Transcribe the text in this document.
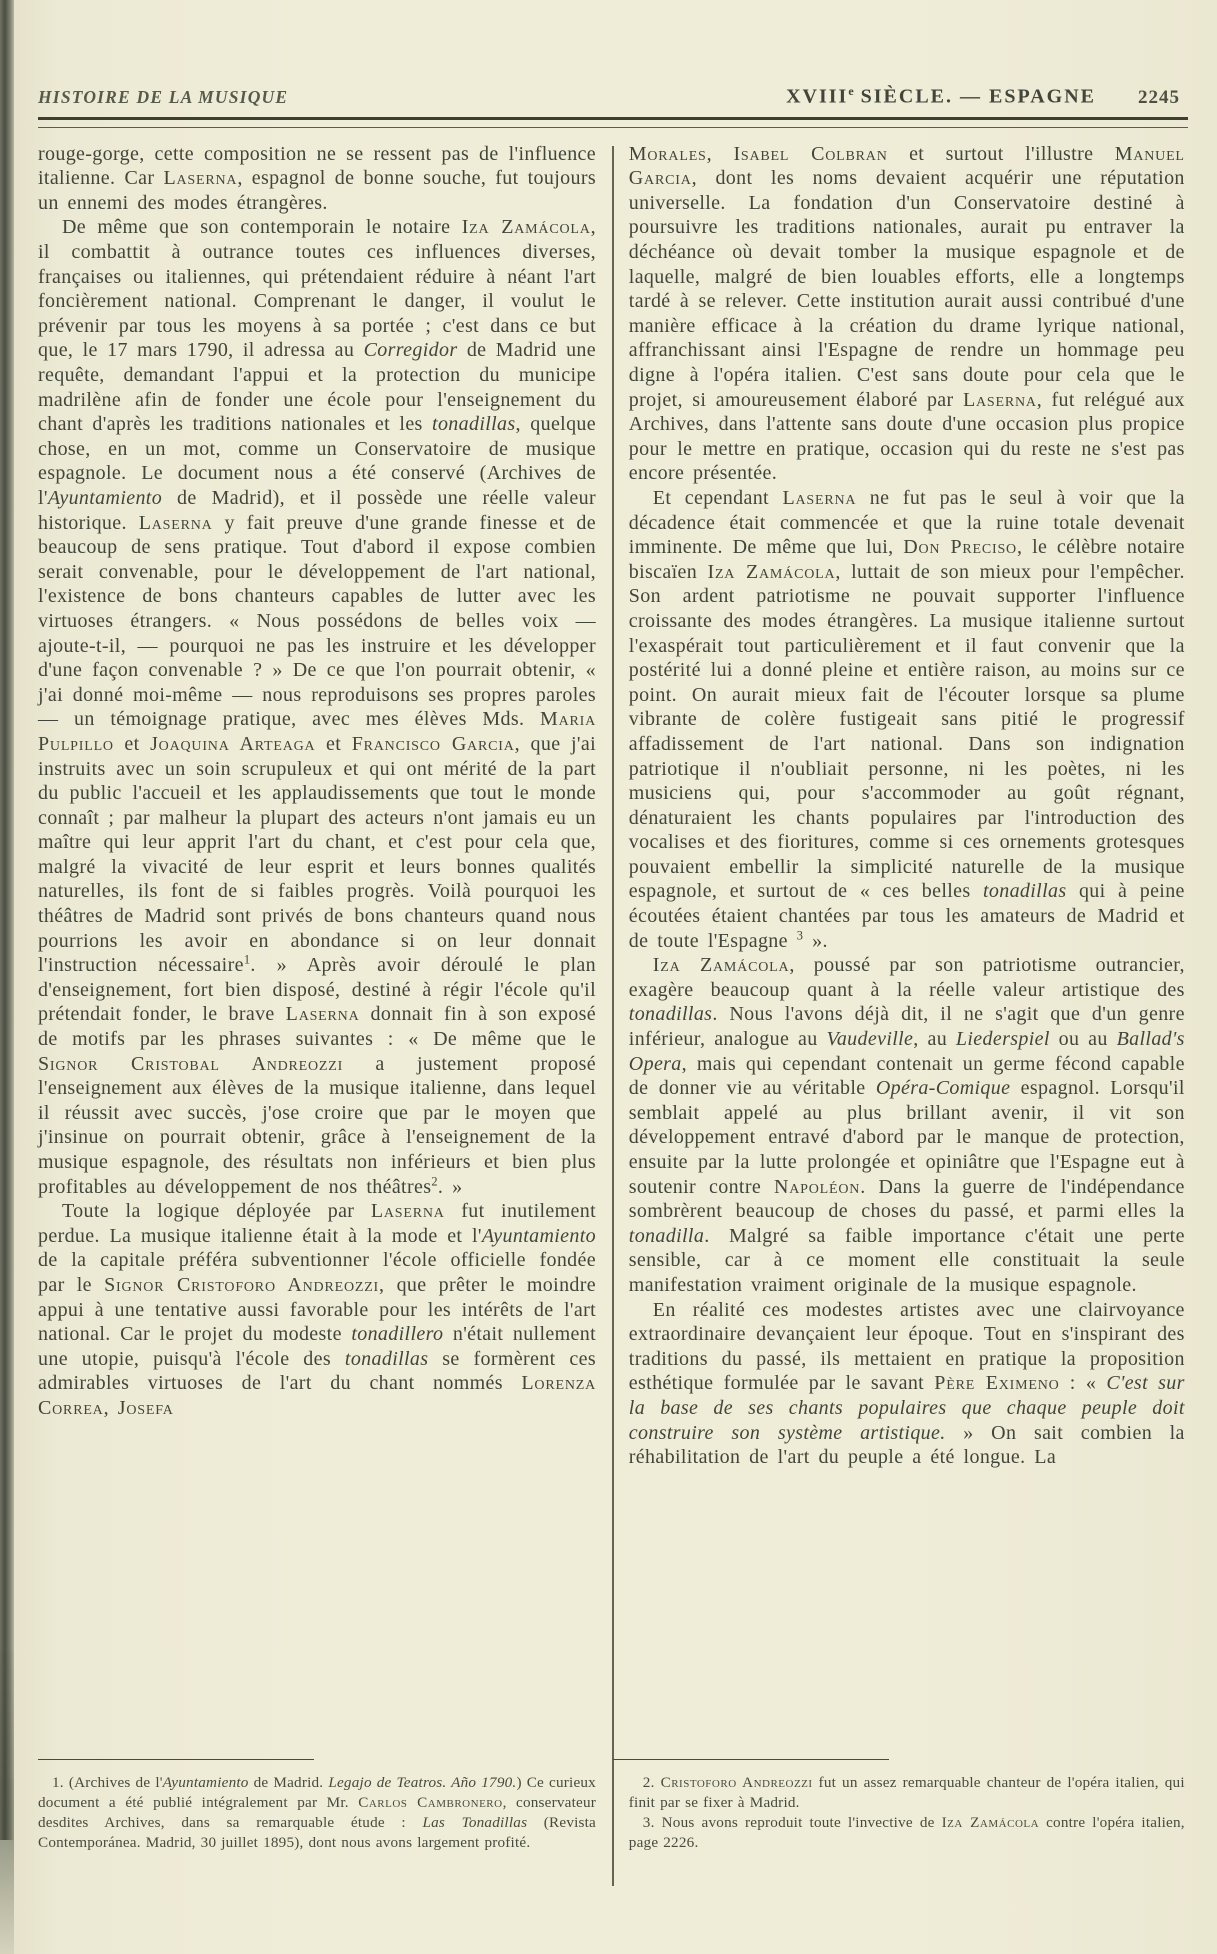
HISTOIRE DE LA MUSIQUE	XVIIIe SIÈCLE. — ESPAGNE 2245

rouge-gorge, cette composition ne se ressent pas de l'influence italienne. Car Laserna, espagnol de bonne souche, fut toujours un ennemi des modes étrangères.

De même que son contemporain le notaire Iza Zamácola, il combattit à outrance toutes ces influences diverses, françaises ou italiennes, qui prétendaient réduire à néant l'art foncièrement national. Comprenant le danger, il voulut le prévenir par tous les moyens à sa portée ; c'est dans ce but que, le 17 mars 1790, il adressa au Corregidor de Madrid une requête, demandant l'appui et la protection du municipe madrilène afin de fonder une école pour l'enseignement du chant d'après les traditions nationales et les tonadillas, quelque chose, en un mot, comme un Conservatoire de musique espagnole. Le document nous a été conservé (Archives de l'Ayuntamiento de Madrid), et il possède une réelle valeur historique. Laserna y fait preuve d'une grande finesse et de beaucoup de sens pratique. Tout d'abord il expose combien serait convenable, pour le développement de l'art national, l'existence de bons chanteurs capables de lutter avec les virtuoses étrangers. « Nous possédons de belles voix — ajoute-t-il, — pourquoi ne pas les instruire et les développer d'une façon convenable ? » De ce que l'on pourrait obtenir, « j'ai donné moi-même — nous reproduisons ses propres paroles — un témoignage pratique, avec mes élèves Mds. Maria Pulpillo et Joaquina Arteaga et Francisco Garcia, que j'ai instruits avec un soin scrupuleux et qui ont mérité de la part du public l'accueil et les applaudissements que tout le monde connaît ; par malheur la plupart des acteurs n'ont jamais eu un maître qui leur apprit l'art du chant, et c'est pour cela que, malgré la vivacité de leur esprit et leurs bonnes qualités naturelles, ils font de si faibles progrès. Voilà pourquoi les théâtres de Madrid sont privés de bons chanteurs quand nous pourrions les avoir en abondance si on leur donnait l'instruction nécessaire$^1$. » Après avoir déroulé le plan d'enseignement, fort bien disposé, destiné à régir l'école qu'il prétendait fonder, le brave Laserna donnait fin à son exposé de motifs par les phrases suivantes : « De même que le Signor Cristobal Andreozzi a justement proposé l'enseignement aux élèves de la musique italienne, dans lequel il réussit avec succès, j'ose croire que par le moyen que j'insinue on pourrait obtenir, grâce à l'enseignement de la musique espagnole, des résultats non inférieurs et bien plus profitables au développement de nos théâtres$^2$. »

Toute la logique déployée par Laserna fut inutilement perdue. La musique italienne était à la mode et l'Ayuntamiento de la capitale préféra subventionner l'école officielle fondée par le Signor Cristoforo Andreozzi, que prêter le moindre appui à une tentative aussi favorable pour les intérêts de l'art national. Car le projet du modeste tonadillero n'était nullement une utopie, puisqu'à l'école des tonadillas se formèrent ces admirables virtuoses de l'art du chant nommés Lorenza Correa, Josefa

1. (Archives de l'Ayuntamiento de Madrid. Legajo de Teatros. Año 1790.) Ce curieux document a été publié intégralement par Mr. Carlos Cambronero, conservateur desdites Archives, dans sa remarquable étude : Las Tonadillas (Revista Contemporánea. Madrid, 30 juillet 1895), dont nous avons largement profité.

Morales, Isabel Colbran et surtout l'illustre Manuel Garcia, dont les noms devaient acquérir une réputation universelle. La fondation d'un Conservatoire destiné à poursuivre les traditions nationales, aurait pu entraver la déchéance où devait tomber la musique espagnole et de laquelle, malgré de bien louables efforts, elle a longtemps tardé à se relever. Cette institution aurait aussi contribué d'une manière efficace à la création du drame lyrique national, affranchissant ainsi l'Espagne de rendre un hommage peu digne à l'opéra italien. C'est sans doute pour cela que le projet, si amoureusement élaboré par Laserna, fut relégué aux Archives, dans l'attente sans doute d'une occasion plus propice pour le mettre en pratique, occasion qui du reste ne s'est pas encore présentée.

Et cependant Laserna ne fut pas le seul à voir que la décadence était commencée et que la ruine totale devenait imminente. De même que lui, Don Preciso, le célèbre notaire biscaïen Iza Zamácola, luttait de son mieux pour l'empêcher. Son ardent patriotisme ne pouvait supporter l'influence croissante des modes étrangères. La musique italienne surtout l'exaspérait tout particulièrement et il faut convenir que la postérité lui a donné pleine et entière raison, au moins sur ce point. On aurait mieux fait de l'écouter lorsque sa plume vibrante de colère fustigeait sans pitié le progressif affadissement de l'art national. Dans son indignation patriotique il n'oubliait personne, ni les poètes, ni les musiciens qui, pour s'accommoder au goût régnant, dénaturaient les chants populaires par l'introduction des vocalises et des fioritures, comme si ces ornements grotesques pouvaient embellir la simplicité naturelle de la musique espagnole, et surtout de « ces belles tonadillas qui à peine écoutées étaient chantées par tous les amateurs de Madrid et de toute l'Espagne $^3$ ».

Iza Zamácola, poussé par son patriotisme outrancier, exagère beaucoup quant à la réelle valeur artistique des tonadillas. Nous l'avons déjà dit, il ne s'agit que d'un genre inférieur, analogue au Vaudeville, au Liederspiel ou au Ballad's Opera, mais qui cependant contenait un germe fécond capable de donner vie au véritable Opéra-Comique espagnol. Lorsqu'il semblait appelé au plus brillant avenir, il vit son développement entravé d'abord par le manque de protection, ensuite par la lutte prolongée et opiniâtre que l'Espagne eut à soutenir contre Napoléon. Dans la guerre de l'indépendance sombrèrent beaucoup de choses du passé, et parmi elles la tonadilla. Malgré sa faible importance c'était une perte sensible, car à ce moment elle constituait la seule manifestation vraiment originale de la musique espagnole.

En réalité ces modestes artistes avec une clairvoyance extraordinaire devançaient leur époque. Tout en s'inspirant des traditions du passé, ils mettaient en pratique la proposition esthétique formulée par le savant Père Eximeno : « C'est sur la base de ses chants populaires que chaque peuple doit construire son système artistique. » On sait combien la réhabilitation de l'art du peuple a été longue. La

2. Cristoforo Andreozzi fut un assez remarquable chanteur de l'opéra italien, qui finit par se fixer à Madrid.

3. Nous avons reproduit toute l'invective de Iza Zamácola contre l'opéra italien, page 2226.
